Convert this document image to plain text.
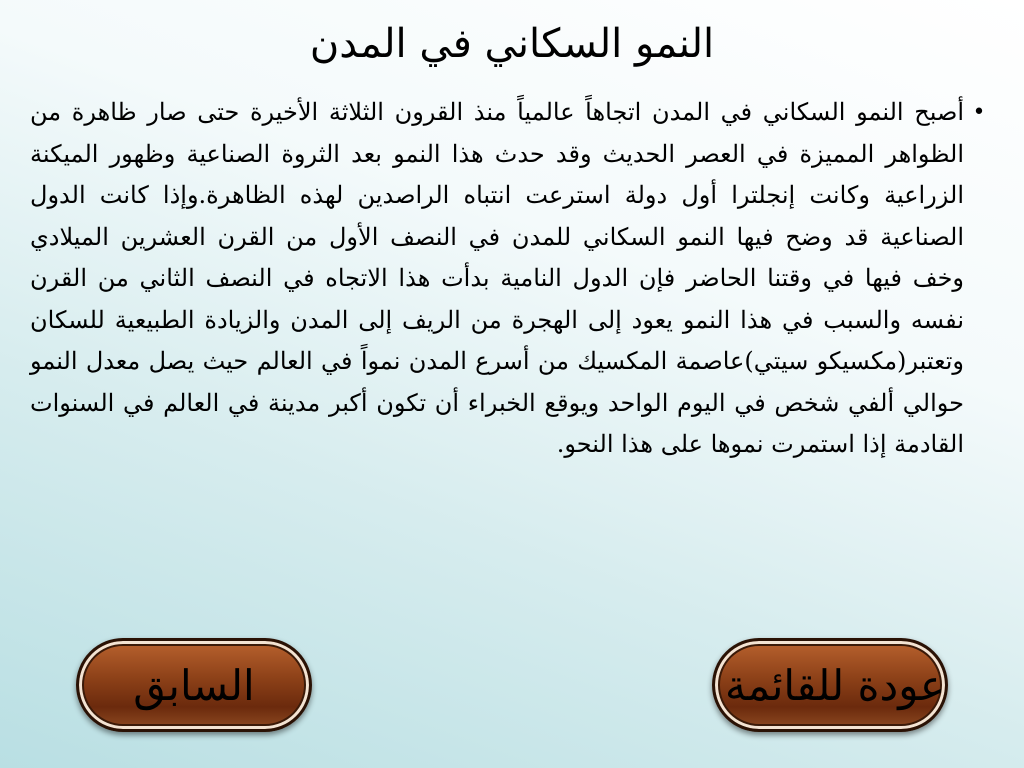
النمو السكاني في المدن
•
أصبح النمو السكاني في المدن اتجاهاً عالمياً منذ القرون الثلاثة الأخيرة حتى صار ظاهرة من الظواهر المميزة في العصر الحديث وقد حدث هذا النمو بعد الثروة الصناعية وظهور الميكنة الزراعية وكانت إنجلترا أول دولة استرعت انتباه الراصدين لهذه الظاهرة.وإذا كانت الدول الصناعية قد وضح فيها النمو السكاني للمدن في النصف الأول من القرن العشرين الميلادي وخف فيها في وقتنا الحاضر فإن الدول النامية بدأت هذا الاتجاه في النصف الثاني من القرن نفسه والسبب في هذا النمو يعود إلى الهجرة من الريف إلى المدن والزيادة الطبيعية للسكان وتعتبر(مكسيكو سيتي)عاصمة المكسيك من أسرع المدن نمواً في العالم حيث يصل معدل النمو حوالي ألفي شخص في اليوم الواحد ويوقع الخبراء أن تكون أكبر مدينة في العالم في السنوات القادمة إذا استمرت نموها على هذا النحو.
السابق	عودة للقائمة
